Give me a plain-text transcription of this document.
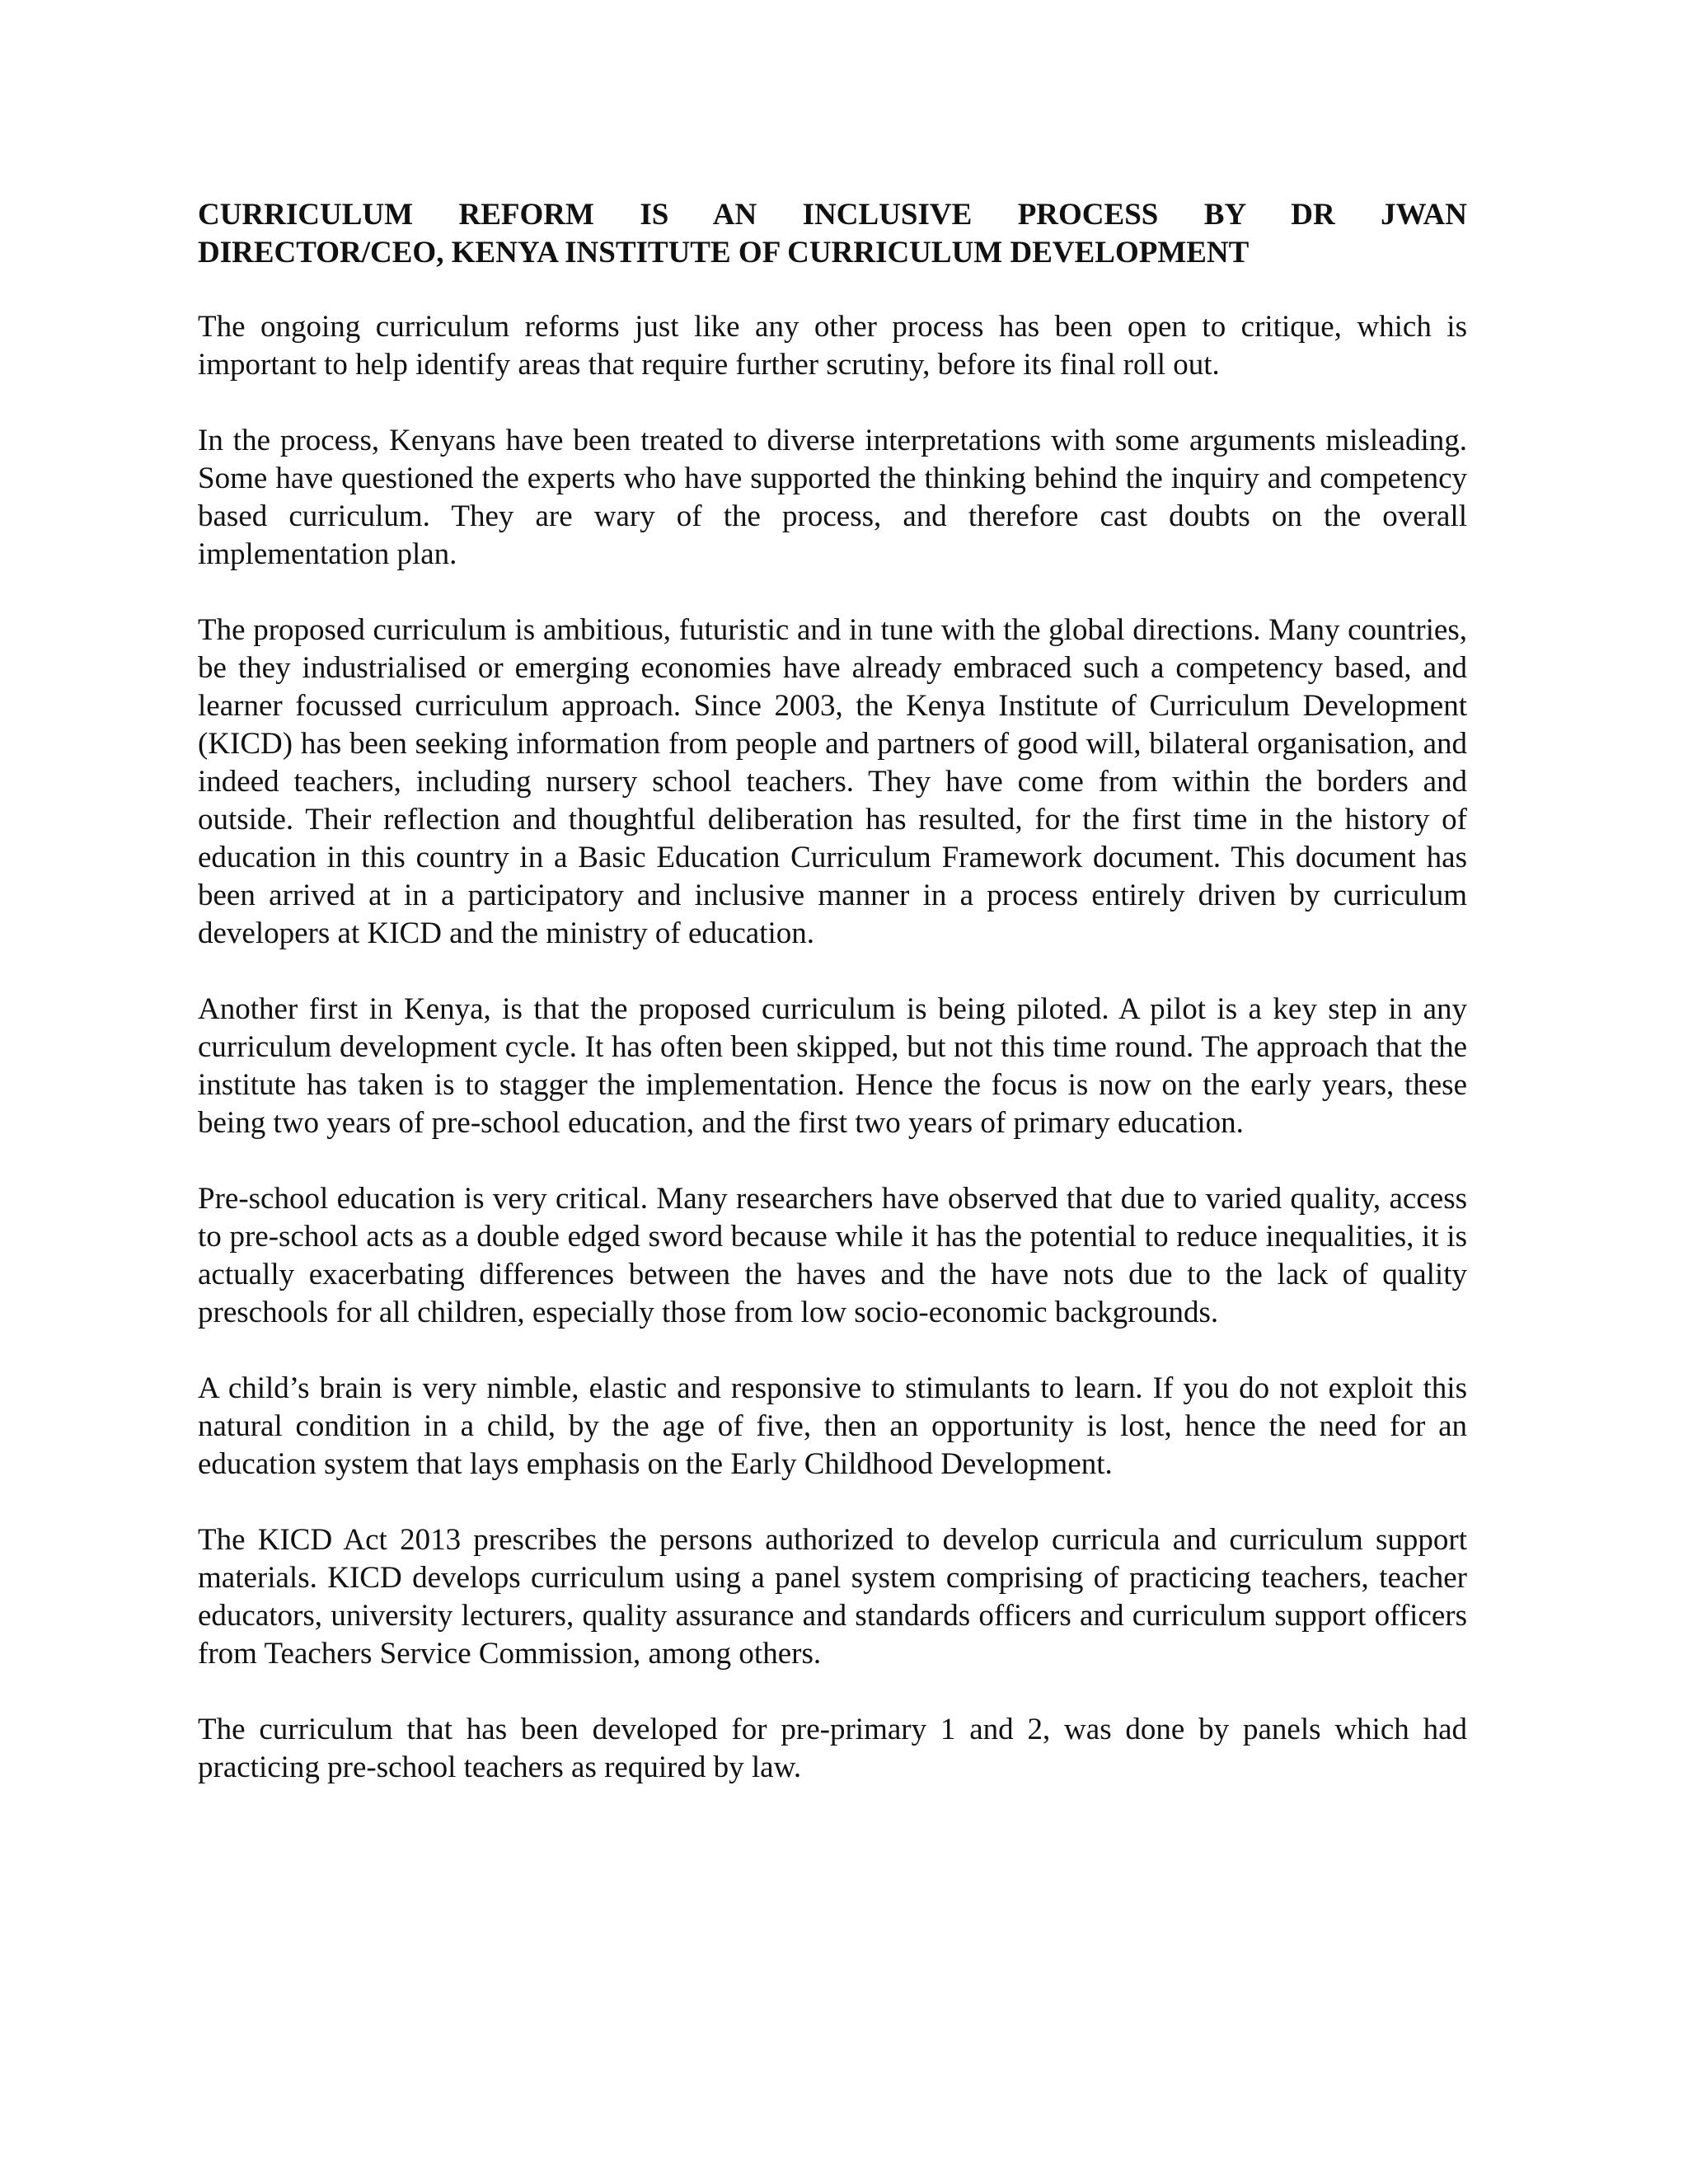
CURRICULUM REFORM IS AN INCLUSIVE PROCESS BY DR JWAN
DIRECTOR/CEO, KENYA INSTITUTE OF CURRICULUM DEVELOPMENT

The ongoing curriculum reforms just like any other process has been open to critique, which is important to help identify areas that require further scrutiny, before its final roll out.

In the process, Kenyans have been treated to diverse interpretations with some arguments misleading. Some have questioned the experts who have supported the thinking behind the inquiry and competency based curriculum. They are wary of the process, and therefore cast doubts on the overall implementation plan.

The proposed curriculum is ambitious, futuristic and in tune with the global directions. Many countries, be they industrialised or emerging economies have already embraced such a competency based, and learner focussed curriculum approach. Since 2003, the Kenya Institute of Curriculum Development (KICD) has been seeking information from people and partners of good will, bilateral organisation, and indeed teachers, including nursery school teachers. They have come from within the borders and outside. Their reflection and thoughtful deliberation has resulted, for the first time in the history of education in this country in a Basic Education Curriculum Framework document. This document has been arrived at in a participatory and inclusive manner in a process entirely driven by curriculum developers at KICD and the ministry of education.

Another first in Kenya, is that the proposed curriculum is being piloted. A pilot is a key step in any curriculum development cycle. It has often been skipped, but not this time round. The approach that the institute has taken is to stagger the implementation. Hence the focus is now on the early years, these being two years of pre-school education, and the first two years of primary education.

Pre-school education is very critical. Many researchers have observed that due to varied quality, access to pre-school acts as a double edged sword because while it has the potential to reduce inequalities, it is actually exacerbating differences between the haves and the have nots due to the lack of quality preschools for all children, especially those from low socio-economic backgrounds.

A child’s brain is very nimble, elastic and responsive to stimulants to learn. If you do not exploit this natural condition in a child, by the age of five, then an opportunity is lost, hence the need for an education system that lays emphasis on the Early Childhood Development.

The KICD Act 2013 prescribes the persons authorized to develop curricula and curriculum support materials. KICD develops curriculum using a panel system comprising of practicing teachers, teacher educators, university lecturers, quality assurance and standards officers and curriculum support officers from Teachers Service Commission, among others.

The curriculum that has been developed for pre-primary 1 and 2, was done by panels which had practicing pre-school teachers as required by law.
